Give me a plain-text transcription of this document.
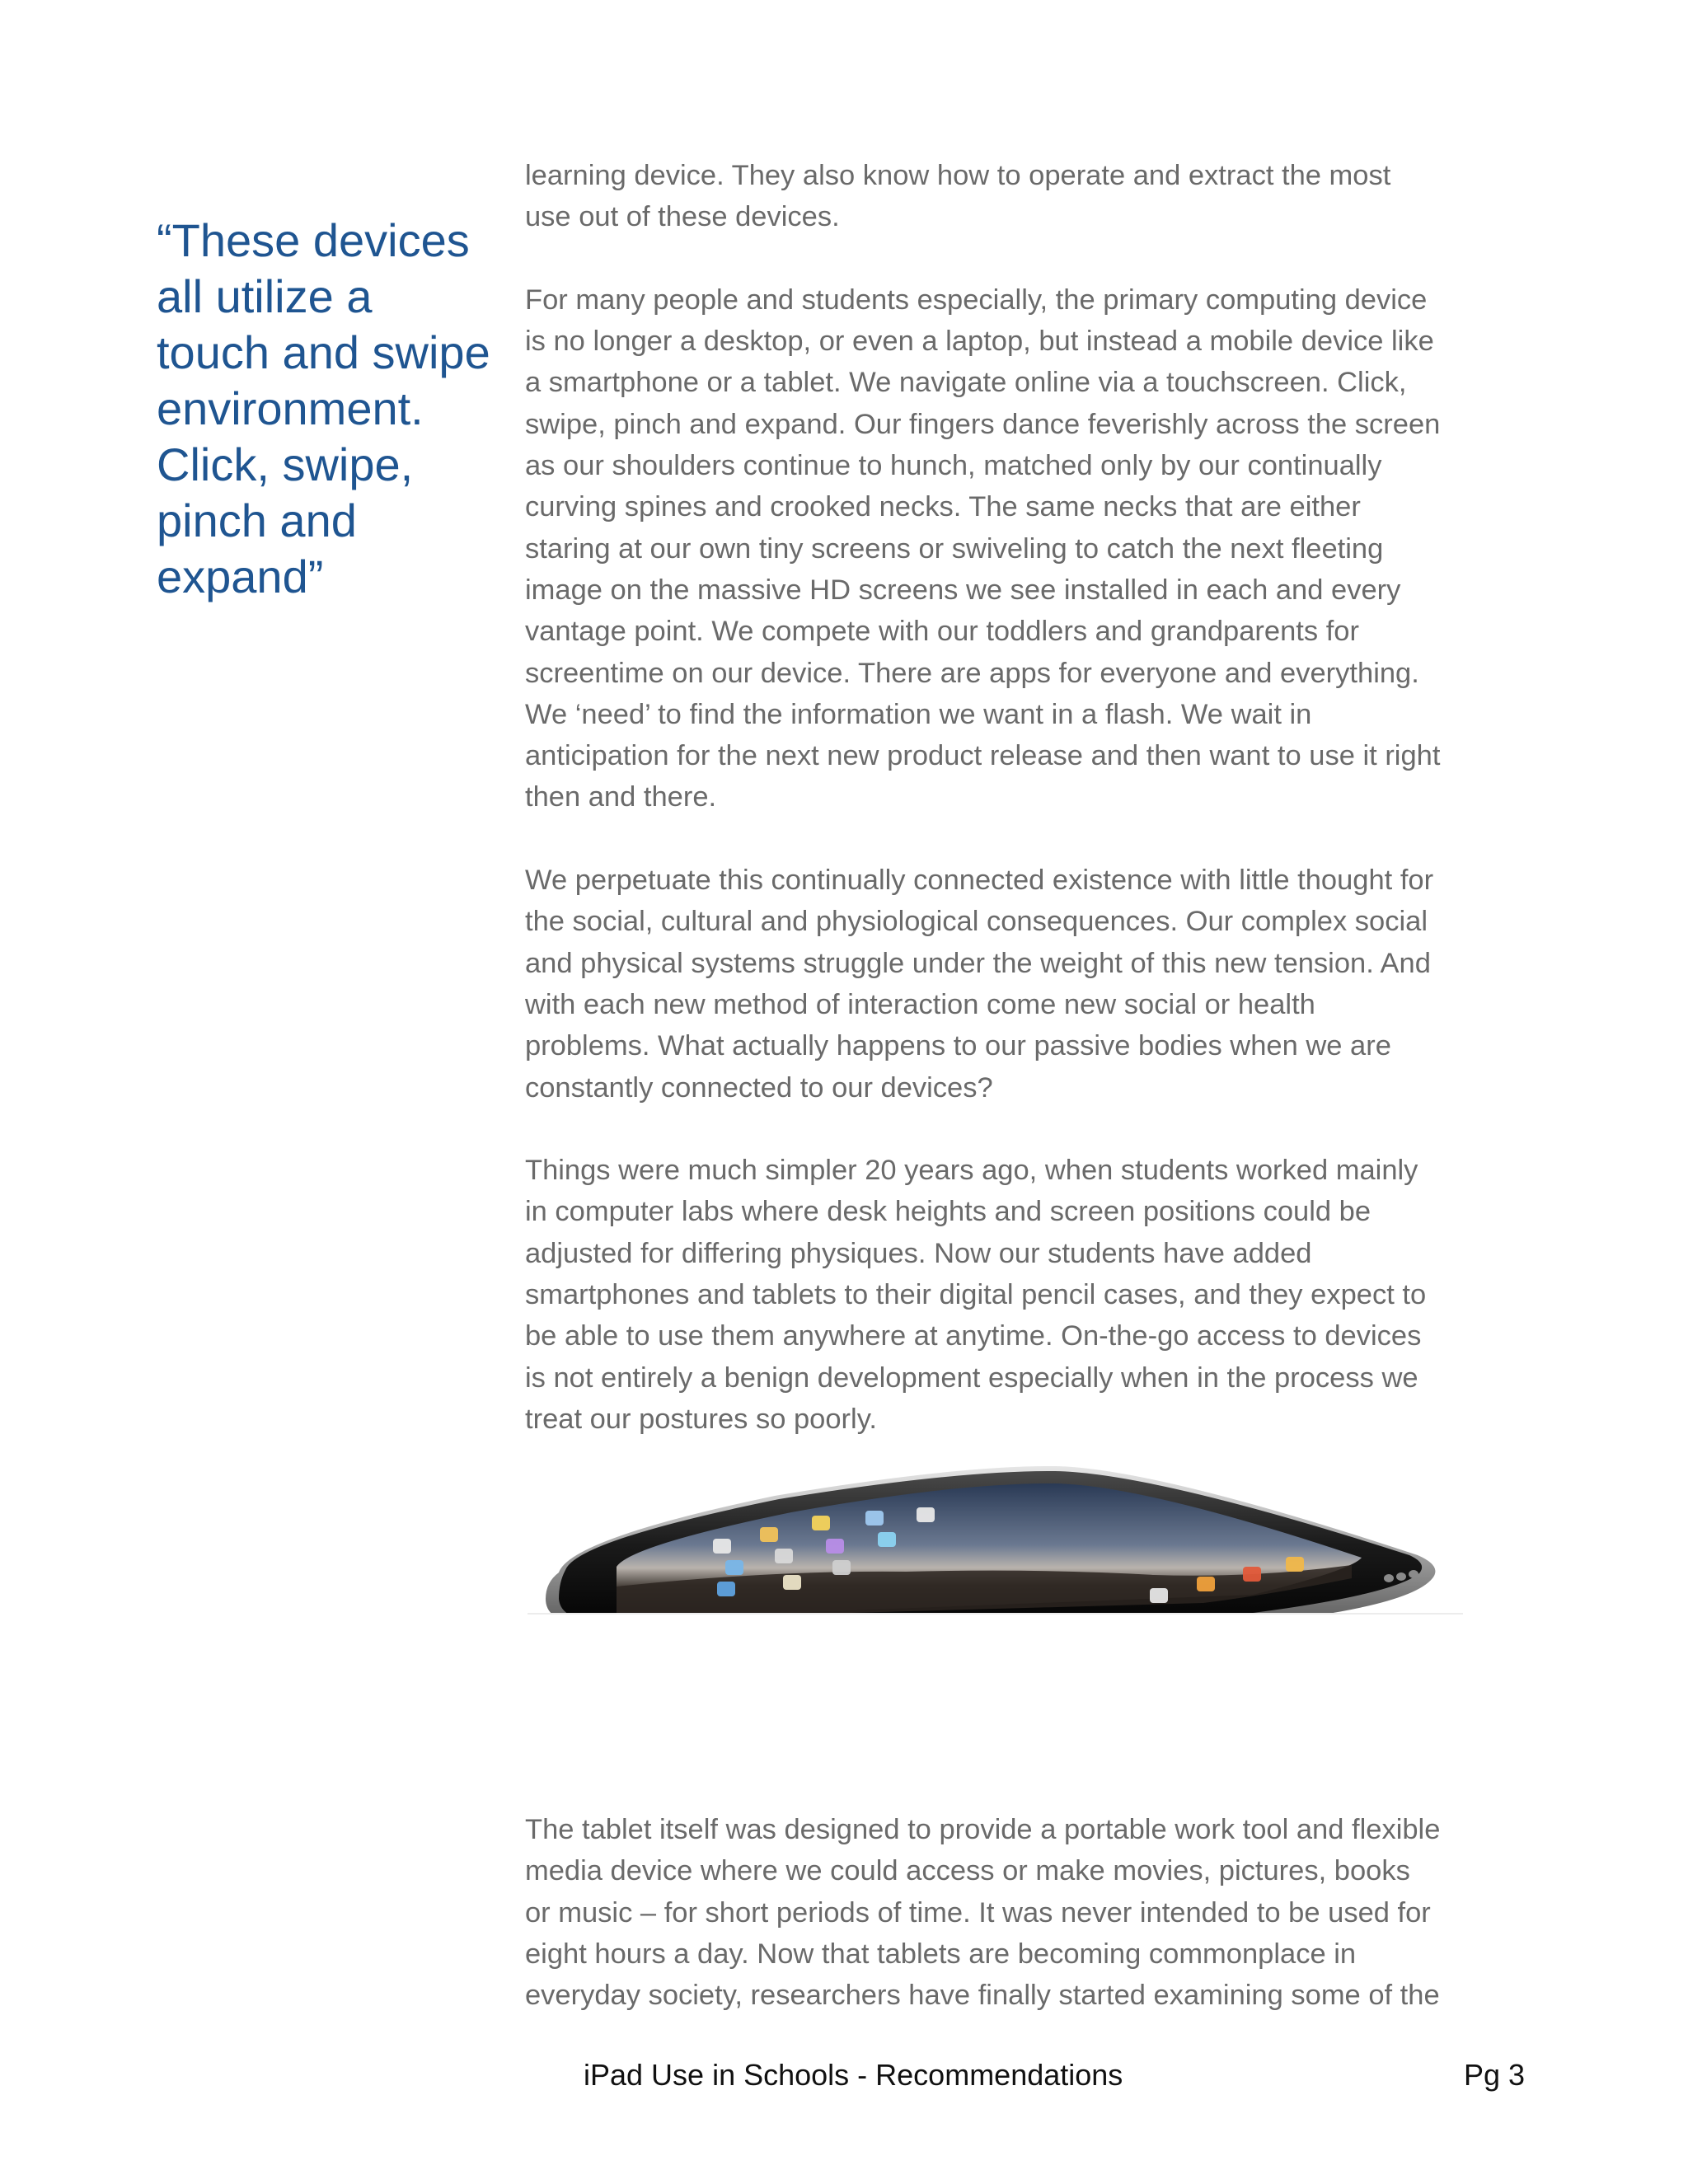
“These devices
all utilize a
touch and swipe
environment.
Click, swipe,
pinch and
expand”

learning device. They also know how to operate and extract the most
use out of these devices.

For many people and students especially, the primary computing device
is no longer a desktop, or even a laptop, but instead a mobile device like
a smartphone or a tablet. We navigate online via a touchscreen. Click,
swipe, pinch and expand. Our fingers dance feverishly across the screen
as our shoulders continue to hunch, matched only by our continually
curving spines and crooked necks. The same necks that are either
staring at our own tiny screens or swiveling to catch the next fleeting
image on the massive HD screens we see installed in each and every
vantage point. We compete with our toddlers and grandparents for
screentime on our device. There are apps for everyone and everything.
We ‘need’ to find the information we want in a flash. We wait in
anticipation for the next new product release and then want to use it right
then and there.

We perpetuate this continually connected existence with little thought for
the social, cultural and physiological consequences. Our complex social
and physical systems struggle under the weight of this new tension. And
with each new method of interaction come new social or health
problems. What actually happens to our passive bodies when we are
constantly connected to our devices?

Things were much simpler 20 years ago, when students worked mainly
in computer labs where desk heights and screen positions could be
adjusted for differing physiques. Now our students have added
smartphones and tablets to their digital pencil cases, and they expect to
be able to use them anywhere at anytime. On-the-go access to devices
is not entirely a benign development especially when in the process we
treat our postures so poorly.

The tablet itself was designed to provide a portable work tool and flexible
media device where we could access or make movies, pictures, books
or music – for short periods of time. It was never intended to be used for
eight hours a day. Now that tablets are becoming commonplace in
everyday society, researchers have finally started examining some of the

iPad Use in Schools - Recommendations	Pg 3
